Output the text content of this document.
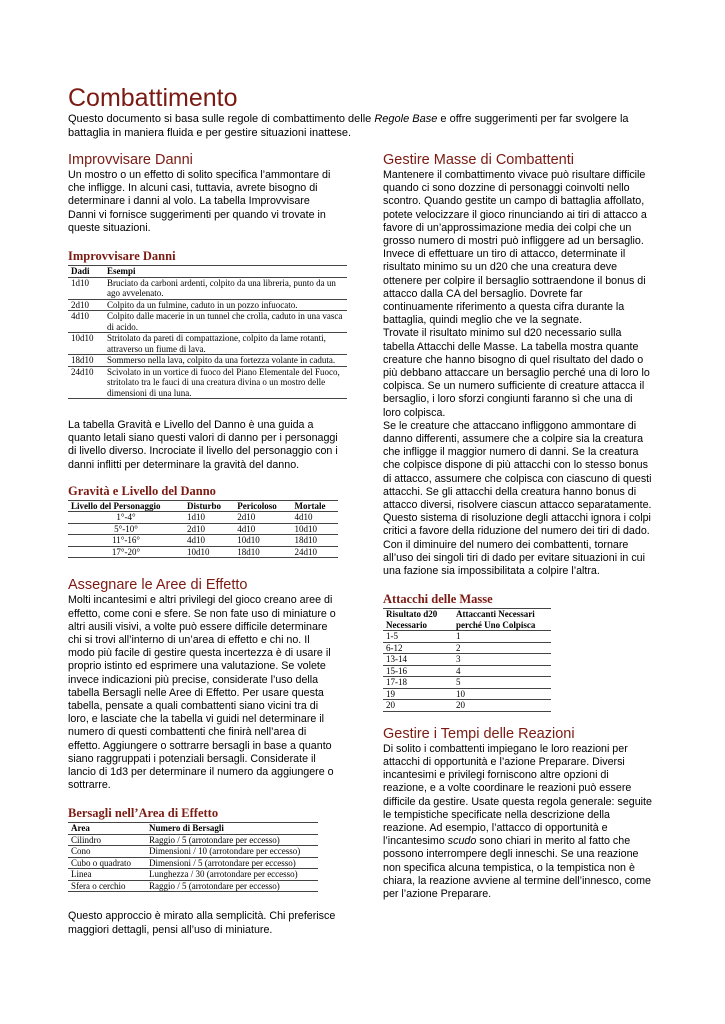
Combattimento

Questo documento si basa sulle regole di combattimento delle Regole Base e offre suggerimenti per far svolgere la battaglia in maniera fluida e per gestire situazioni inattese.

Improvvisare Danni

Un mostro o un effetto di solito specifica l’ammontare di che infligge. In alcuni casi, tuttavia, avrete bisogno di determinare i danni al volo. La tabella Improvvisare Danni vi fornisce suggerimenti per quando vi trovate in queste situazioni.

Improvvisare Danni
Dadi	Esempi
1d10	Bruciato da carboni ardenti, colpito da una libreria, punto da un ago avvelenato.
2d10	Colpito da un fulmine, caduto in un pozzo infuocato.
4d10	Colpito dalle macerie in un tunnel che crolla, caduto in una vasca di acido.
10d10	Stritolato da pareti di compattazione, colpito da lame rotanti, attraverso un fiume di lava.
18d10	Sommerso nella lava, colpito da una fortezza volante in caduta.
24d10	Scivolato in un vortice di fuoco del Piano Elementale del Fuoco, stritolato tra le fauci di una creatura divina o un mostro delle dimensioni di una luna.

La tabella Gravità e Livello del Danno è una guida a quanto letali siano questi valori di danno per i personaggi di livello diverso. Incrociate il livello del personaggio con i danni inflitti per determinare la gravità del danno.

Gravità e Livello del Danno
Livello del Personaggio	Disturbo	Pericoloso	Mortale
1°-4°	1d10	2d10	4d10
5°-10°	2d10	4d10	10d10
11°-16°	4d10	10d10	18d10
17°-20°	10d10	18d10	24d10
Assegnare le Aree di Effetto

Molti incantesimi e altri privilegi del gioco creano aree di effetto, come coni e sfere. Se non fate uso di miniature o altri ausili visivi, a volte può essere difficile determinare chi si trovi all’interno di un’area di effetto e chi no. Il modo più facile di gestire questa incertezza è di usare il proprio istinto ed esprimere una valutazione. Se volete invece indicazioni più precise, considerate l’uso della tabella Bersagli nelle Aree di Effetto. Per usare questa tabella, pensate a quali combattenti siano vicini tra di loro, e lasciate che la tabella vi guidi nel determinare il numero di questi combattenti che finirà nell’area di effetto. Aggiungere o sottrarre bersagli in base a quanto siano raggruppati i potenziali bersagli. Considerate il lancio di 1d3 per determinare il numero da aggiungere o sottrarre.

Bersagli nell’Area di Effetto
Area	Numero di Bersagli
Cilindro	Raggio / 5 (arrotondare per eccesso)
Cono	Dimensioni / 10 (arrotondare per eccesso)
Cubo o quadrato	Dimensioni / 5 (arrotondare per eccesso)
Linea	Lunghezza / 30 (arrotondare per eccesso)
Sfera o cerchio	Raggio / 5 (arrotondare per eccesso)

Questo approccio è mirato alla semplicità. Chi preferisce maggiori dettagli, pensi all’uso di miniature.

Gestire Masse di Combattenti

Mantenere il combattimento vivace può risultare difficile quando ci sono dozzine di personaggi coinvolti nello scontro. Quando gestite un campo di battaglia affollato, potete velocizzare il gioco rinunciando ai tiri di attacco a favore di un’approssimazione media dei colpi che un grosso numero di mostri può infliggere ad un bersaglio. Invece di effettuare un tiro di attacco, determinate il risultato minimo su un d20 che una creatura deve ottenere per colpire il bersaglio sottraendone il bonus di attacco dalla CA del bersaglio. Dovrete far continuamente riferimento a questa cifra durante la battaglia, quindi meglio che ve la segnate.

Trovate il risultato minimo sul d20 necessario sulla tabella Attacchi delle Masse. La tabella mostra quante creature che hanno bisogno di quel risultato del dado o più debbano attaccare un bersaglio perché una di loro lo colpisca. Se un numero sufficiente di creature attacca il bersaglio, i loro sforzi congiunti faranno sì che una di loro colpisca.

Se le creature che attaccano infliggono ammontare di danno differenti, assumere che a colpire sia la creatura che infligge il maggior numero di danni. Se la creatura che colpisce dispone di più attacchi con lo stesso bonus di attacco, assumere che colpisca con ciascuno di questi attacchi. Se gli attacchi della creatura hanno bonus di attacco diversi, risolvere ciascun attacco separatamente.

Questo sistema di risoluzione degli attacchi ignora i colpi critici a favore della riduzione del numero dei tiri di dado. Con il diminuire del numero dei combattenti, tornare all’uso dei singoli tiri di dado per evitare situazioni in cui una fazione sia impossibilitata a colpire l’altra.

Attacchi delle Masse
Risultato d20 Necessario	Attaccanti Necessari perché Uno Colpisca
1-5	1
6-12	2
13-14	3
15-16	4
17-18	5
19	10
20	20
Gestire i Tempi delle Reazioni

Di solito i combattenti impiegano le loro reazioni per attacchi di opportunità e l’azione Preparare. Diversi incantesimi e privilegi forniscono altre opzioni di reazione, e a volte coordinare le reazioni può essere difficile da gestire. Usate questa regola generale: seguite le tempistiche specificate nella descrizione della reazione. Ad esempio, l’attacco di opportunità e l’incantesimo scudo sono chiari in merito al fatto che possono interrompere degli inneschi. Se una reazione non specifica alcuna tempistica, o la tempistica non è chiara, la reazione avviene al termine dell’innesco, come per l’azione Preparare.
